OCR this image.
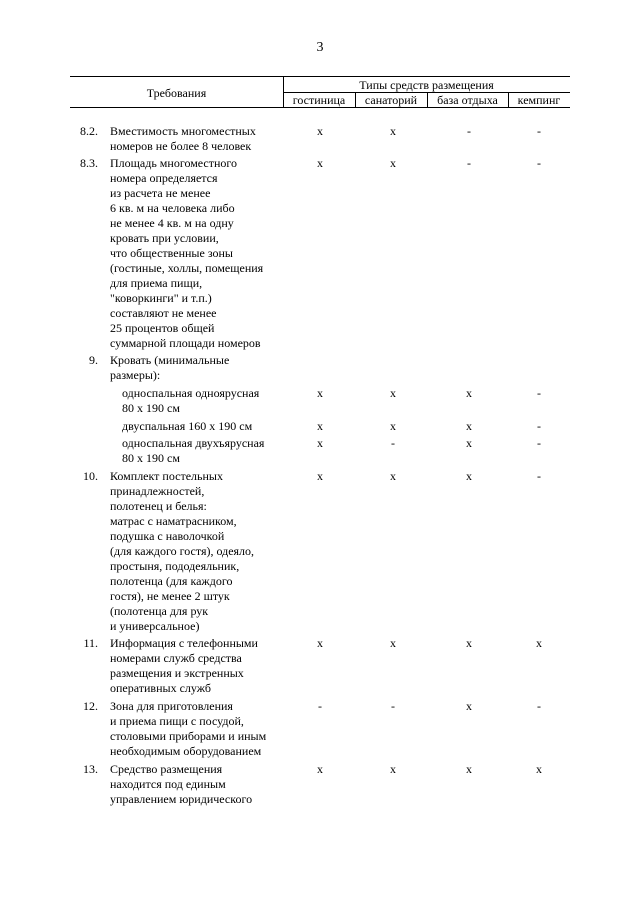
3
Требования
Типы средств размещения
гостиница	санаторий	база отдыха	кемпинг
8.2. Вместимость многоместных
номеров не более 8 человек
x	x	-	-
8.3. Площадь многоместного
номера определяется
из расчета не менее
6 кв. м на человека либо
не менее 4 кв. м на одну
кровать при условии,
что общественные зоны
(гостиные, холлы, помещения
для приема пищи,
"коворкинги" и т.п.)
составляют не менее
25 процентов общей
суммарной площади номеров
x	x	-	-
9. Кровать (минимальные
размеры):
односпальная одноярусная
80 х 190 см
x	x	x	-
двуспальная 160 х 190 см	x	x	x	-
односпальная двухъярусная
80 х 190 см
x	-	x	-
10. Комплект постельных
принадлежностей,
полотенец и белья:
матрас с наматрасником,
подушка с наволочкой
(для каждого гостя), одеяло,
простыня, пододеяльник,
полотенца (для каждого
гостя), не менее 2 штук
(полотенца для рук
и универсальное)
x	x	x	-
11. Информация с телефонными
номерами служб средства
размещения и экстренных
оперативных служб
x	x	x	x
12. Зона для приготовления
и приема пищи с посудой,
столовыми приборами и иным
необходимым оборудованием
-	-	x	-
13. Средство размещения
находится под единым
управлением юридического
x	x	x	x
